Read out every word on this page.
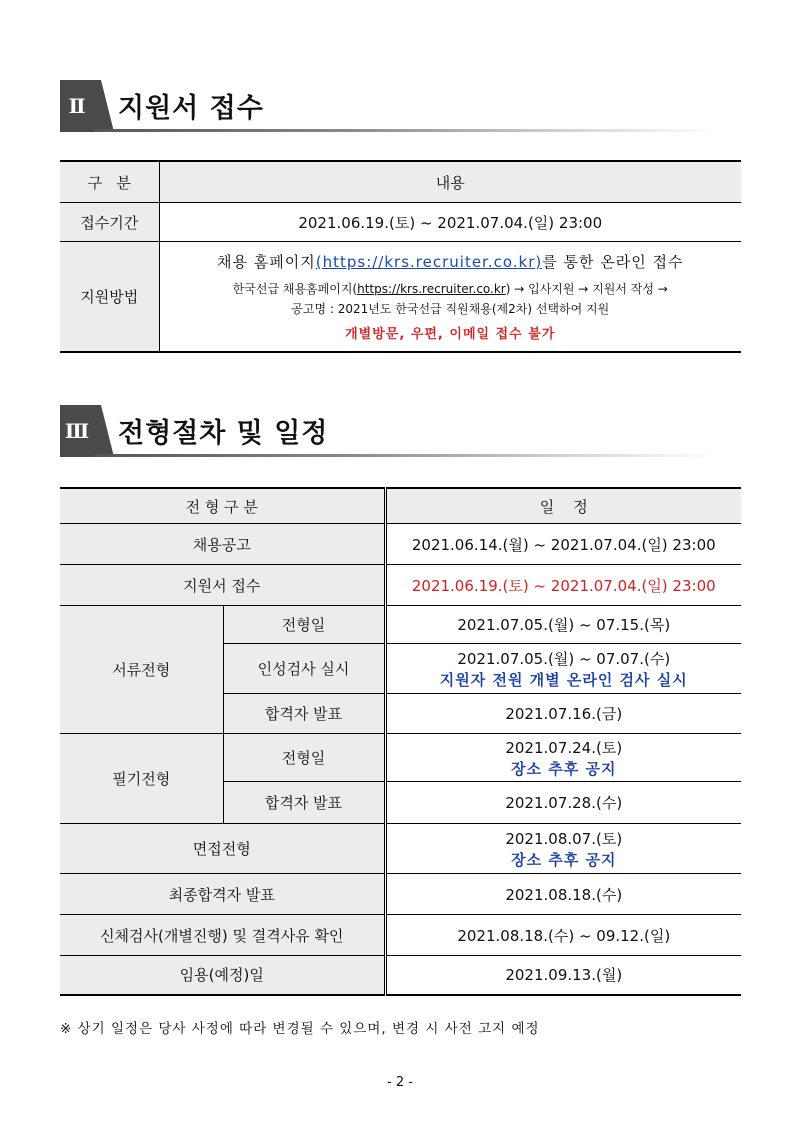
Ⅱ	지원서 접수
구   분	내용
접수기간	2021.06.19.(토) ~ 2021.07.04.(일) 23:00
지원방법	채용 홈페이지(https://krs.recruiter.co.kr)를 통한 온라인 접수
한국선급 채용홈페이지(https://krs.recruiter.co.kr) → 입사지원 → 지원서 작성 →
공고명 : 2021년도 한국선급 직원채용(제2차) 선택하여 지원
개별방문, 우편, 이메일 접수 불가
Ⅲ 전형절차 및 일정
전 형 구 분		일    정
채용공고		2021.06.14.(월) ~ 2021.07.04.(일) 23:00
지원서 접수		2021.06.19.(토) ~ 2021.07.04.(일) 23:00
서류전형	전형일	2021.07.05.(월) ~ 07.15.(목)
	인성검사 실시	2021.07.05.(월) ~ 07.07.(수)
지원자 전원 개별 온라인 검사 실시

	합격자 발표	2021.07.16.(금)
필기전형	전형일	2021.07.24.(토)
장소 추후 공지

	합격자 발표	2021.07.28.(수)
면접전형		2021.08.07.(토)
장소 추후 공지

최종합격자 발표		2021.08.18.(수)
신체검사(개별진행) 및 결격사유 확인		2021.08.18.(수) ~ 09.12.(일)
임용(예정)일		2021.09.13.(월)
※ 상기 일정은 당사 사정에 따라 변경될 수 있으며, 변경 시 사전 고지 예정
- 2 -
